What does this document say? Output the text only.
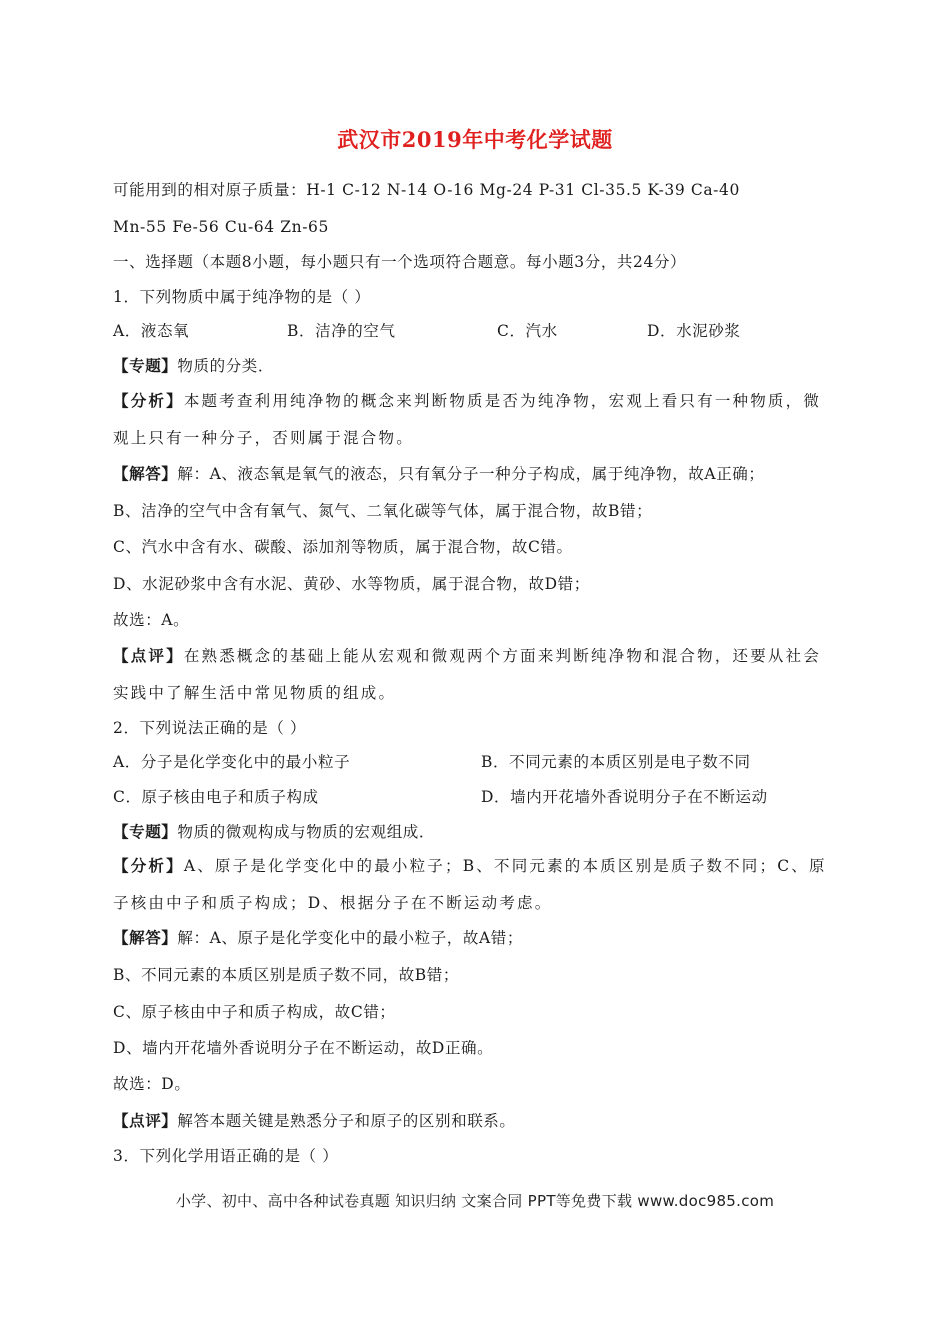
武汉市2019年中考化学试题
可能用到的相对原子质量：H-1 C-12 N-14 O-16 Mg-24 P-31 Cl-35.5 K-39 Ca-40
Mn-55 Fe-56 Cu-64 Zn-65
一、选择题（本题8小题，每小题只有一个选项符合题意。每小题3分，共24分）
1．下列物质中属于纯净物的是（ ）
A．液态氧	B．洁净的空气	C．汽水	D．水泥砂浆
【专题】物质的分类．
【分析】本题考查利用纯净物的概念来判断物质是否为纯净物，宏观上看只有一种物质，微
观上只有一种分子，否则属于混合物。
【解答】解：A、液态氧是氧气的液态，只有氧分子一种分子构成，属于纯净物，故A正确；
B、洁净的空气中含有氧气、氮气、二氧化碳等气体，属于混合物，故B错；
C、汽水中含有水、碳酸、添加剂等物质，属于混合物，故C错。
D、水泥砂浆中含有水泥、黄砂、水等物质，属于混合物，故D错；
故选：A。
【点评】在熟悉概念的基础上能从宏观和微观两个方面来判断纯净物和混合物，还要从社会
实践中了解生活中常见物质的组成。
2．下列说法正确的是（ ）
A．分子是化学变化中的最小粒子	B．不同元素的本质区别是电子数不同
C．原子核由电子和质子构成	D．墙内开花墙外香说明分子在不断运动
【专题】物质的微观构成与物质的宏观组成．
【分析】A、原子是化学变化中的最小粒子；B、不同元素的本质区别是质子数不同；C、原
子核由中子和质子构成；D、根据分子在不断运动考虑。
【解答】解：A、原子是化学变化中的最小粒子，故A错；
B、不同元素的本质区别是质子数不同，故B错；
C、原子核由中子和质子构成，故C错；
D、墙内开花墙外香说明分子在不断运动，故D正确。
故选：D。
【点评】解答本题关键是熟悉分子和原子的区别和联系。
3．下列化学用语正确的是（ ）
小学、初中、高中各种试卷真题 知识归纳 文案合同 PPT等免费下载 www.doc985.com
